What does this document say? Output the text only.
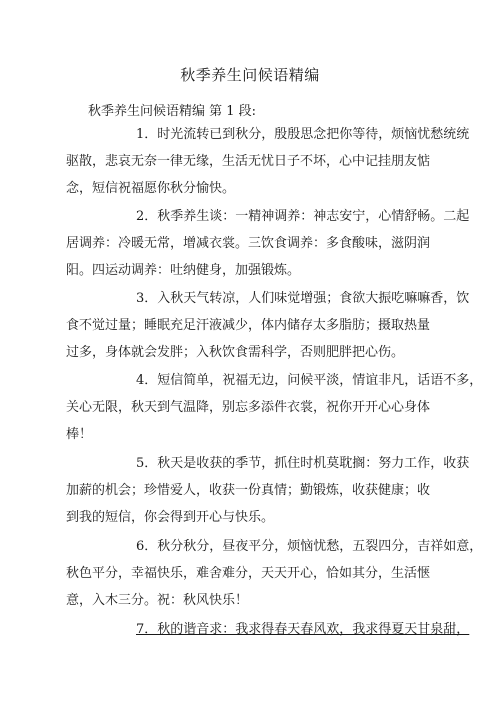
秋季养生问候语精编
秋季养生问候语精编 第 1 段:
1．时光流转已到秋分，殷殷思念把你等待，烦恼忧愁统统
驱散，悲哀无奈一律无缘，生活无忧日子不坏，心中记挂朋友惦
念，短信祝福愿你秋分愉快。
2．秋季养生谈：一精神调养：神志安宁，心情舒畅。二起
居调养：冷暖无常，增减衣裳。三饮食调养：多食酸味，滋阴润
阳。四运动调养：吐纳健身，加强锻炼。
3．入秋天气转凉，人们味觉增强；食欲大振吃嘛嘛香，饮
食不觉过量；睡眠充足汗液减少，体内储存太多脂肪；摄取热量
过多，身体就会发胖；入秋饮食需科学，否则肥胖把心伤。
4．短信简单，祝福无边，问候平淡，情谊非凡，话语不多，
关心无限，秋天到气温降，别忘多添件衣裳，祝你开开心心身体
棒！
5．秋天是收获的季节，抓住时机莫耽搁：努力工作，收获
加薪的机会；珍惜爱人，收获一份真情；勤锻炼，收获健康；收
到我的短信，你会得到开心与快乐。
6．秋分秋分，昼夜平分，烦恼忧愁，五裂四分，吉祥如意，
秋色平分，幸福快乐，难舍难分，天天开心，恰如其分，生活惬
意，入木三分。祝：秋风快乐！
7．秋的谐音求：我求得春天春风欢，我求得夏天甘泉甜，
